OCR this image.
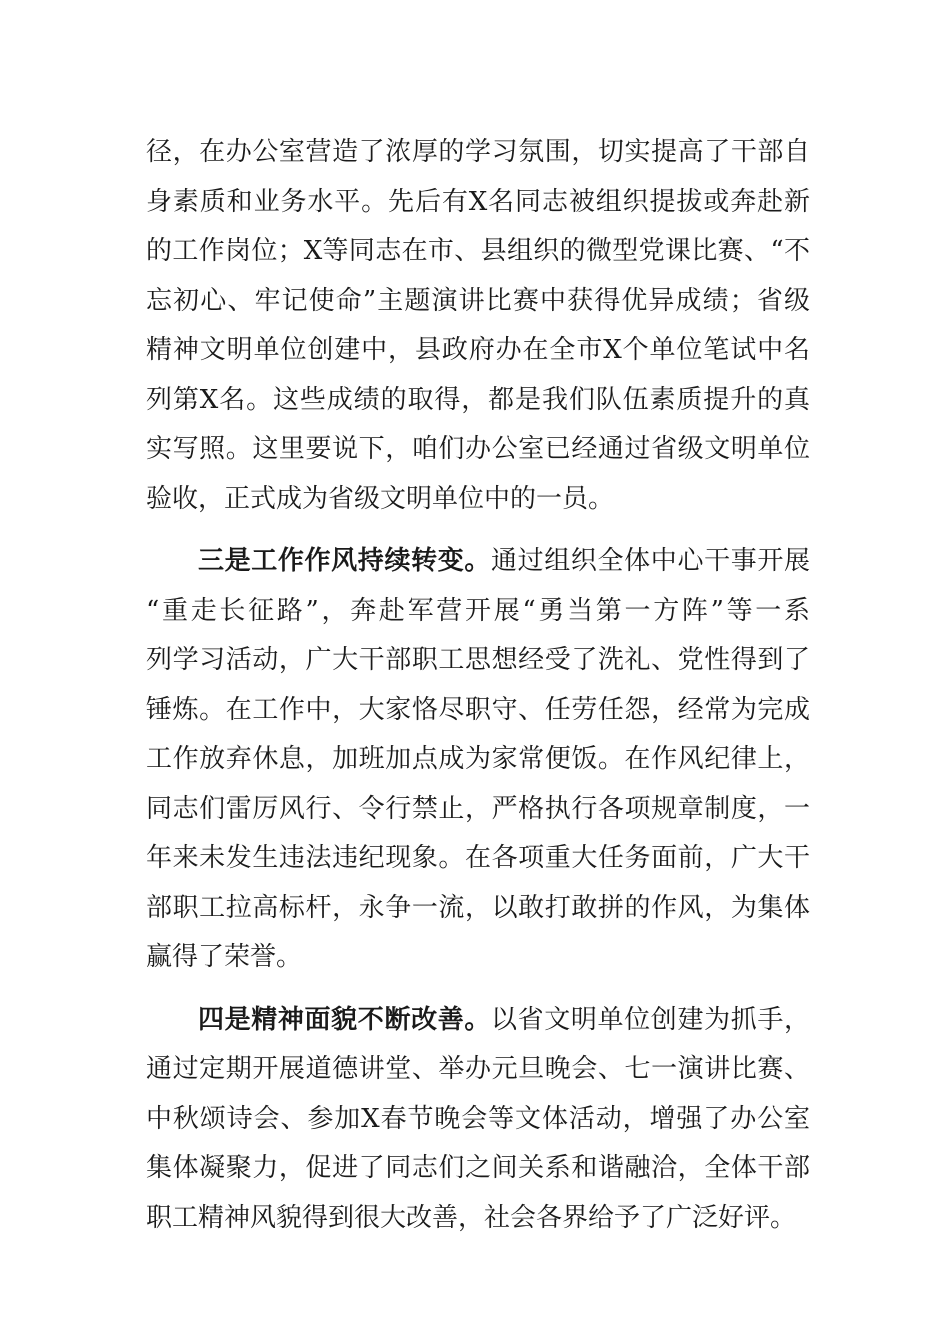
径，在办公室营造了浓厚的学习氛围，切实提高了干部自
身素质和业务水平。先后有X名同志被组织提拔或奔赴新
的工作岗位；X等同志在市、县组织的微型党课比赛、“不
忘初心、牢记使命”主题演讲比赛中获得优异成绩；省级
精神文明单位创建中，县政府办在全市X个单位笔试中名
列第X名。这些成绩的取得，都是我们队伍素质提升的真
实写照。这里要说下，咱们办公室已经通过省级文明单位
验收，正式成为省级文明单位中的一员。
三是工作作风持续转变。通过组织全体中心干事开展
“重走长征路”，奔赴军营开展“勇当第一方阵”等一系
列学习活动，广大干部职工思想经受了洗礼、党性得到了
锤炼。在工作中，大家恪尽职守、任劳任怨，经常为完成
工作放弃休息，加班加点成为家常便饭。在作风纪律上，
同志们雷厉风行、令行禁止，严格执行各项规章制度，一
年来未发生违法违纪现象。在各项重大任务面前，广大干
部职工拉高标杆，永争一流，以敢打敢拼的作风，为集体
赢得了荣誉。
四是精神面貌不断改善。以省文明单位创建为抓手，
通过定期开展道德讲堂、举办元旦晚会、七一演讲比赛、
中秋颂诗会、参加X春节晚会等文体活动，增强了办公室
集体凝聚力，促进了同志们之间关系和谐融洽，全体干部
职工精神风貌得到很大改善，社会各界给予了广泛好评。
